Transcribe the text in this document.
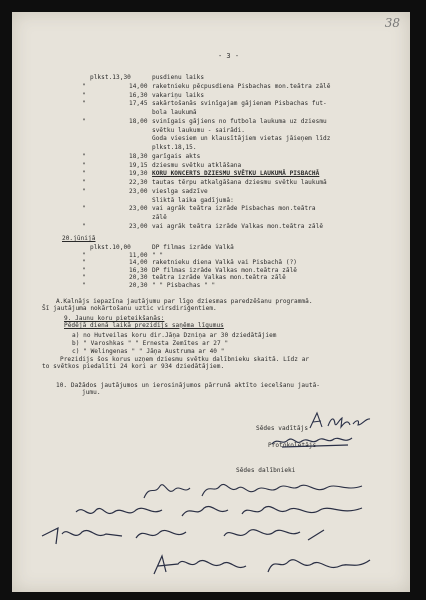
38
- 3 -
plkst.13,30	pusdienu laiks
"	14,00 raketnieku pēcpusdiena Pisbachas mon.teātra zālē
"	16,30 vakariņu laiks
"	17,45 sakārtošanās svinīgajam gājienam Pisbachas fut-
bola laukumā
"	18,00 svinīgais gājiens no futbola laukuma uz dziesmu
svētku laukumu - sairādi.
Goda viesiem un klausītājiem vietas jāieņem līdz
plkst.18,15.
"	18,30 garīgais akts
"	19,15 dziesmu svētku atklāšana
"	19,30 KORU KONCERTS DZIESMU SVĒTKU LAUKUMĀ PISBACHĀ
"	22,30 tautas tērpu atkalgāšana dziesmu svētku laukumā
"	23,00 vieslga sadzīve
Sliktā laika gadījumā:
"	23,00 vai agrāk teātra izrāde Pisbachas mon.teātra
zālē
"	23,00 vai agrāk teātra izrāde Valkas mon.teātra zālē
20.jūnijā
plkst.10,00	DP filmas izrāde Valkā
"	11,00 " "
"	14,00 raketnieku diena Valkā vai Pisbachā (?)
"	16,30 DP filmas izrāde Valkas mon.teātra zālē
"	20,30 teātra izrāde Valkas mon.teātra zālē
"	20,30 " " Pisbachas " "
A.Kalnājs iepazīna jautājumu par līgo dziesmas paredzēšanu programmā.
Šī jautājuma nokārtošanu uztic virsdiriģentiem.
9. Jaunu koru pieteikšanās:
Pēdējā dienā laikā prezidijs saņēma līgumus
a) no Hutveilas koru dir.Jāņa Dzniņa ar 30 dziedātājiem
b) " Varoshkas " " Ernesta Zemītes ar 27 "
c) " Welingenas " " Jāņa Austruma ar 40 "
Prezidijs šos korus uzņem dziesmu svētku dalībnieku skaitā. Līdz ar
to svētkos piedalīti 24 kori ar 934 dziedātājiem.
10. Dažādos jautājumos un ierosinājumos pārrunā aktīto iecelšanu jautā-
jumu.
Sēdes vadītājs
Protokolētājs
Sēdes dalībnieki
